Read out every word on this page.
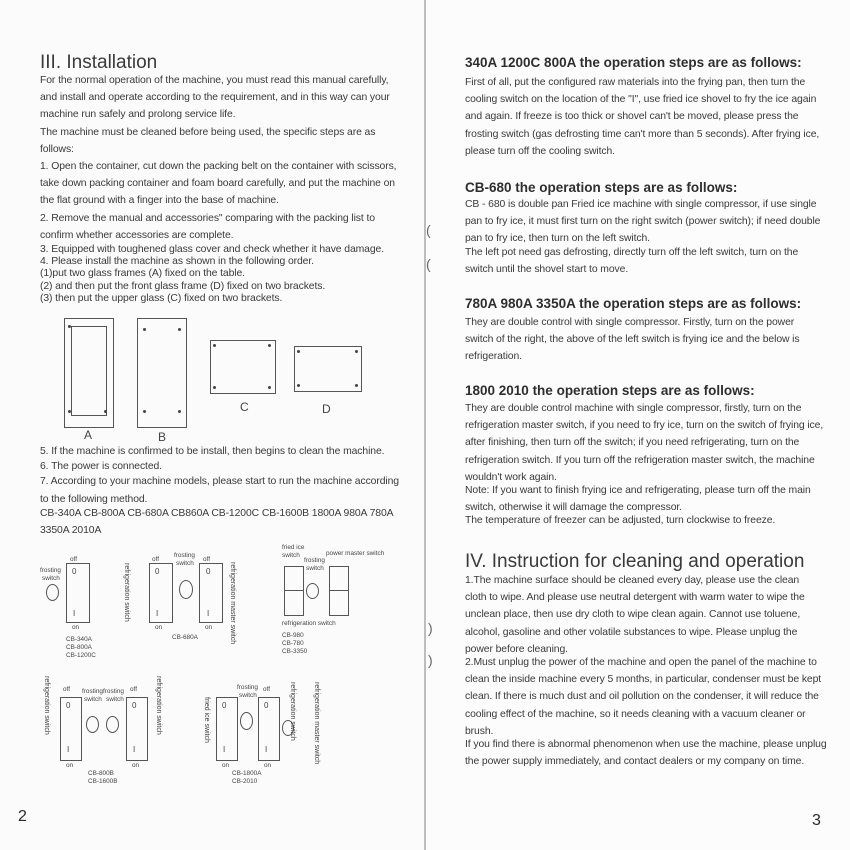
III. Installation
For the normal operation of the machine, you must read this manual carefully,
and install and operate according to the requirement, and in this way can your
machine run safely and prolong service life.
The machine must be cleaned before being used, the specific steps are as
follows:
1. Open the container, cut down the packing belt on the container with scissors,
take down packing container and foam board carefully, and put the machine on
the flat ground with a finger into the base of machine.
2. Remove the manual and accessories" comparing with the packing list to
confirm whether accessories are complete.
3. Equipped with toughened glass cover and check whether it have damage.
4. Please install the machine as shown in the following order.
(1)put two glass frames (A) fixed on the table.
(2) and then put the front glass frame (D) fixed on two brackets.
(3) then put the upper glass (C) fixed on two brackets.
A	B
C	D
5. If the machine is confirmed to be install, then begins to clean the machine.
6. The power is connected.
7. According to your machine models, please start to run the machine according
to the following method.
CB-340A CB-800A CB-680A CB860A CB-1200C CB-1600B 1800A 980A 780A
3350A 2010A
off
frosting
switch
0
I
on
CB-340A
CB-800A
CB-1200C
off
frosting
switch
off
refrigeration switch	0	0
I	I
on	on refrigeration master switch
CB-680A
fried ice
switch
frosting
switch
power master switch
refrigeration switch
CB-980
CB-780
CB-3350
refrigeration switch off frosting frosting
switch switch
off
0	0
I	I
on	on
refrigeration switch
CB-800B
CB-1600B
fried ice switch
frosting
switch
off
0	0
I	I
on	on
refrigeration switch refrigeration master switch
CB-1800A
CB-2010
2
(
(
)
)
340A 1200C 800A the operation steps are as follows:
First of all, put the configured raw materials into the frying pan, then turn the
cooling switch on the location of the "I", use fried ice shovel to fry the ice again
and again. If freeze is too thick or shovel can't be moved, please press the
frosting switch (gas defrosting time can't more than 5 seconds). After frying ice,
please turn off the cooling switch.
CB-680 the operation steps are as follows:
CB - 680 is double pan Fried ice machine with single compressor, if use single
pan to fry ice, it must first turn on the right switch (power switch); if need double
pan to fry ice, then turn on the left switch.
The left pot need gas defrosting, directly turn off the left switch, turn on the
switch until the shovel start to move.
780A 980A 3350A the operation steps are as follows:
They are double control with single compressor. Firstly, turn on the power
switch of the right, the above of the left switch is frying ice and the below is
refrigeration.
1800 2010 the operation steps are as follows:
They are double control machine with single compressor, firstly, turn on the
refrigeration master switch, if you need to fry ice, turn on the switch of frying ice,
after finishing, then turn off the switch; if you need refrigerating, turn on the
refrigeration switch. If you turn off the refrigeration master switch, the machine
wouldn't work again.
Note: If you want to finish frying ice and refrigerating, please turn off the main
switch, otherwise it will damage the compressor.
The temperature of freezer can be adjusted, turn clockwise to freeze.
IV. Instruction for cleaning and operation
1.The machine surface should be cleaned every day, please use the clean
cloth to wipe. And please use neutral detergent with warm water to wipe the
unclean place, then use dry cloth to wipe clean again. Cannot use toluene,
alcohol, gasoline and other volatile substances to wipe. Please unplug the
power before cleaning.
2.Must unplug the power of the machine and open the panel of the machine to
clean the inside machine every 5 months, in particular, condenser must be kept
clean. If there is much dust and oil pollution on the condenser, it will reduce the
cooling effect of the machine, so it needs cleaning with a vacuum cleaner or
brush.
If you find there is abnormal phenomenon when use the machine, please unplug
the power supply immediately, and contact dealers or my company on time.
3
